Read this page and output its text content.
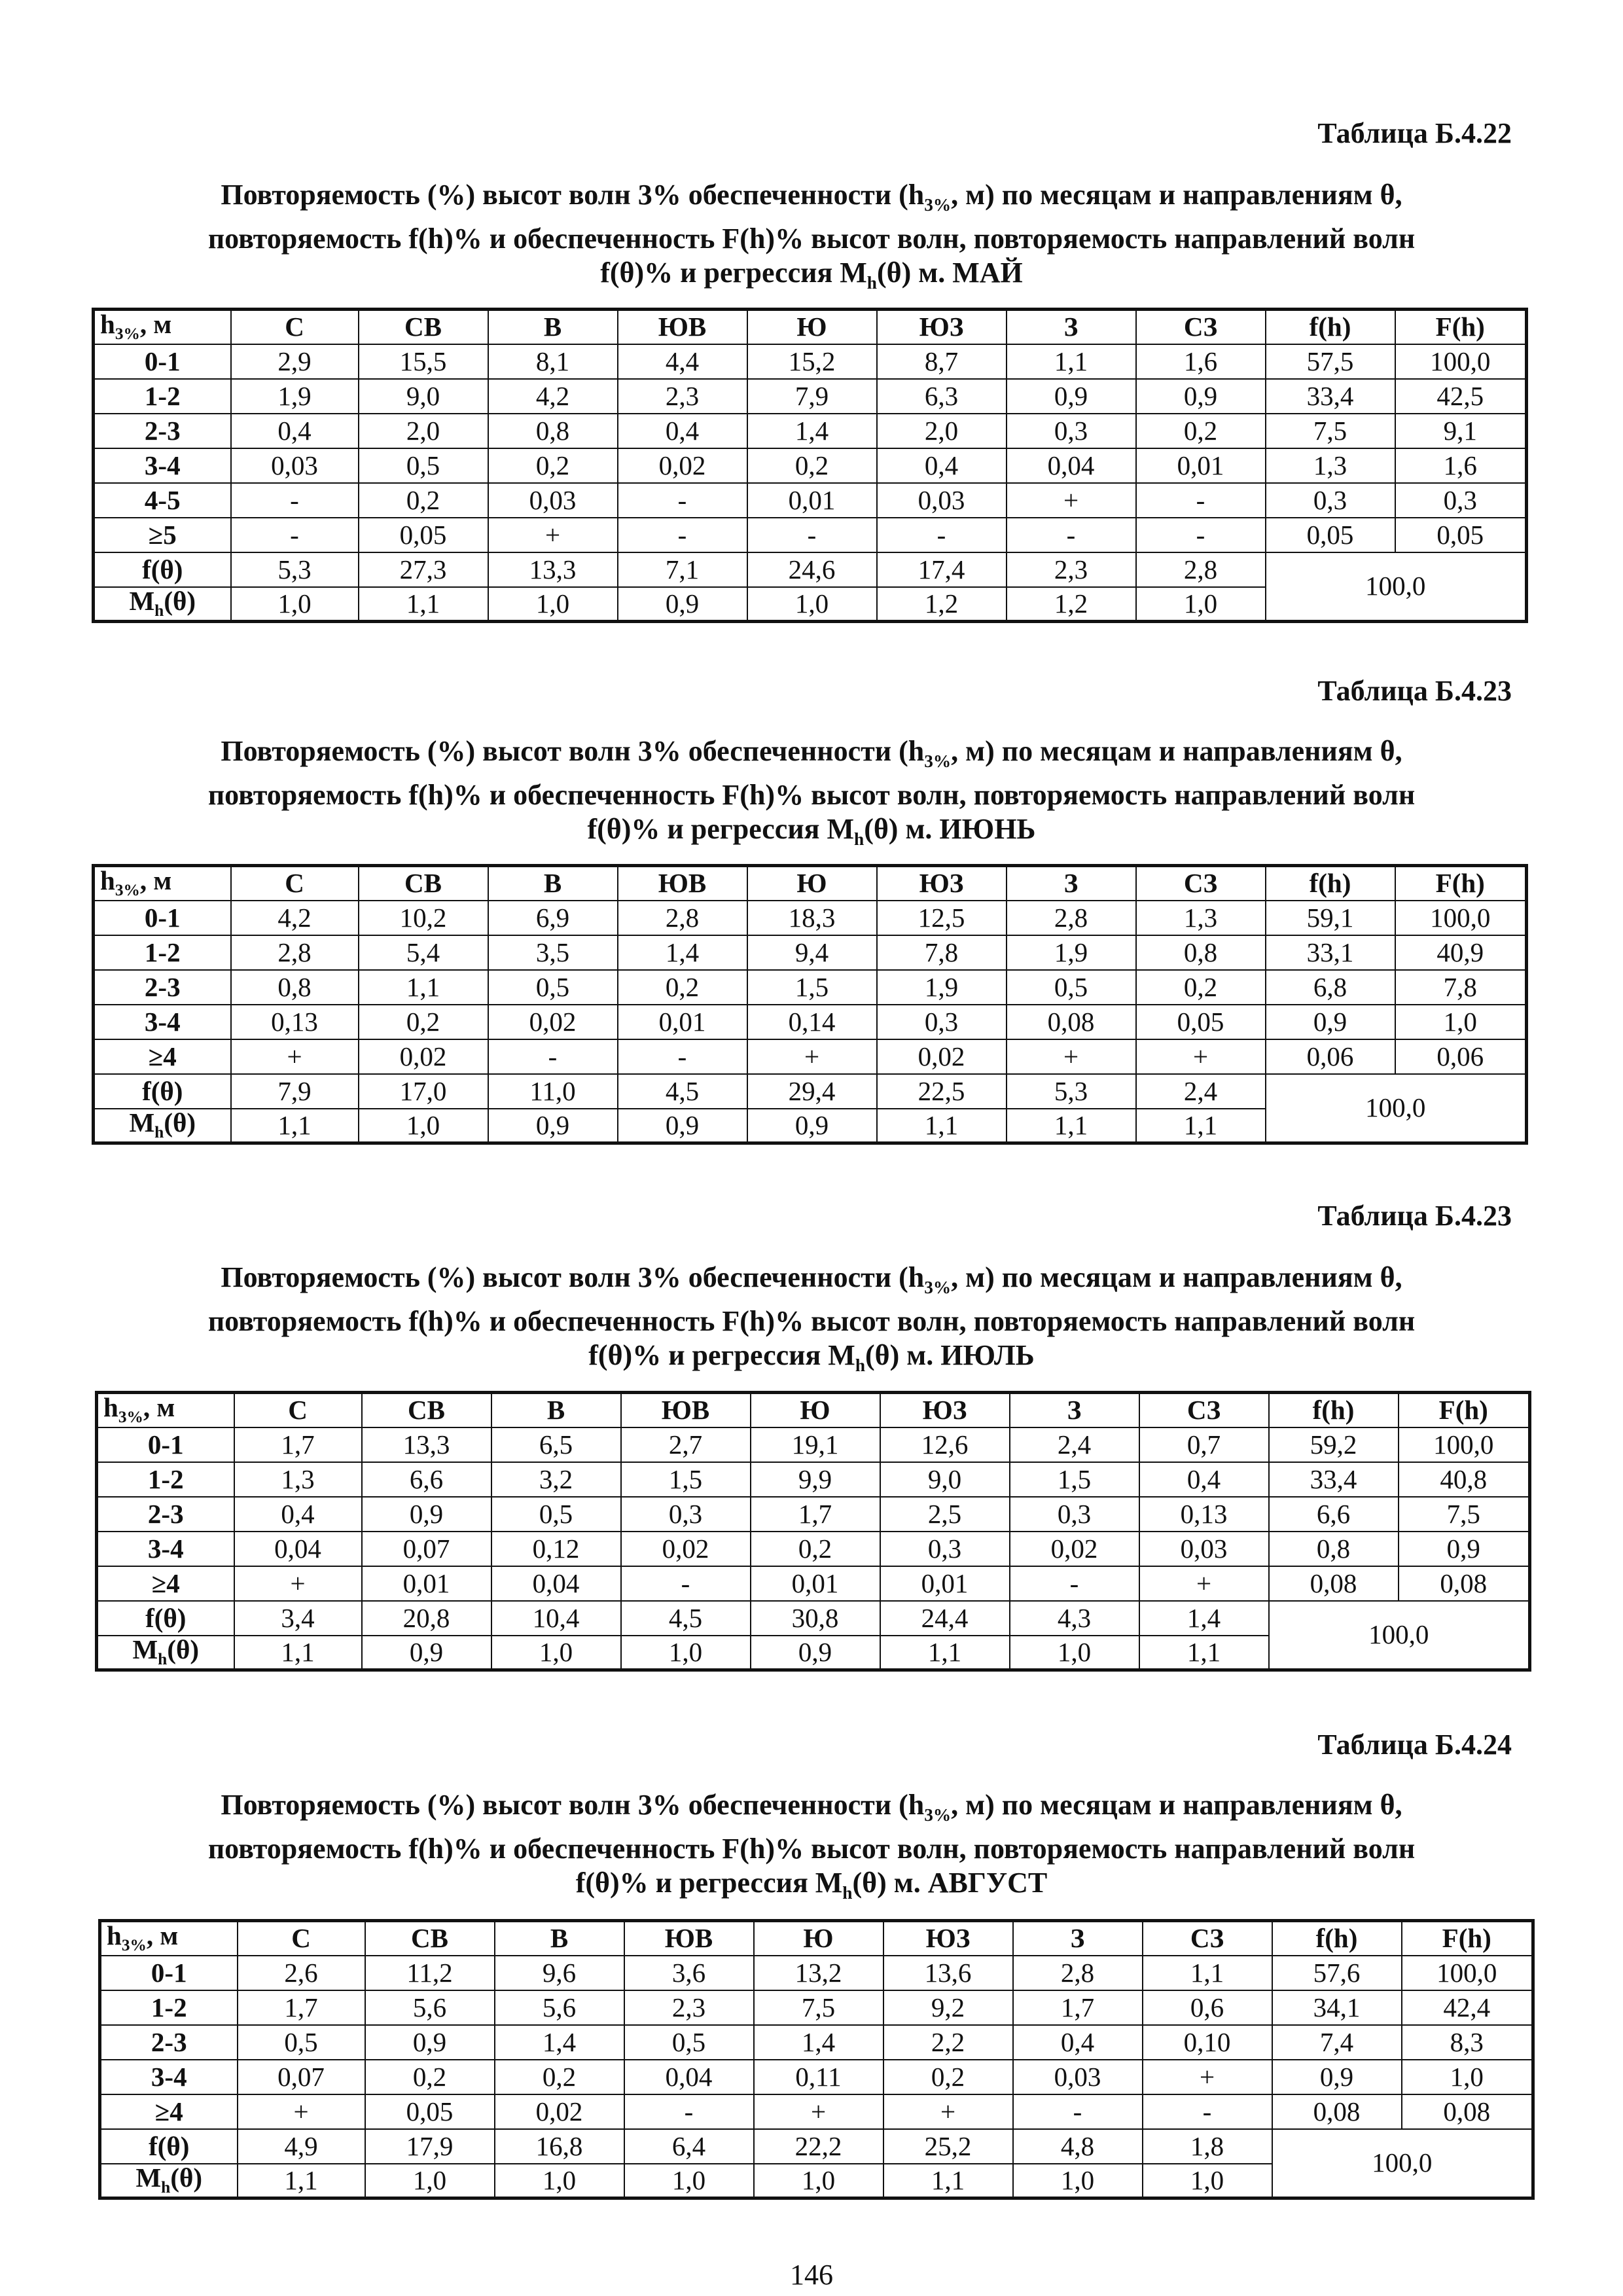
Таблица Б.4.22
Повторяемость (%) высот волн 3% обеспеченности ($h_{3\%}$, м) по месяцам и направлениям θ,
повторяемость f(h)% и обеспеченность F(h)% высот волн, повторяемость направлений волн
f(θ)% и регрессия $M_h(\theta)$ м. МАЙ
$h_{3\%}$, м	С	СВ	В	ЮВ	Ю	ЮЗ	З	СЗ	f(h)	F(h)
0-1	2,9	15,5	8,1	4,4	15,2	8,7	1,1	1,6	57,5	100,0
1-2	1,9	9,0	4,2	2,3	7,9	6,3	0,9	0,9	33,4	42,5
2-3	0,4	2,0	0,8	0,4	1,4	2,0	0,3	0,2	7,5	9,1
3-4	0,03	0,5	0,2	0,02	0,2	0,4	0,04	0,01	1,3	1,6
4-5	-	0,2	0,03	-	0,01	0,03	+	-	0,3	0,3
≥5	-	0,05	+	-	-	-	-	-	0,05	0,05
f(θ)	5,3	27,3	13,3	7,1	24,6	17,4	2,3	2,8	100,0	
$M_h(\theta)$	1,0	1,1	1,0	0,9	1,0	1,2	1,2	1,0		
Таблица Б.4.23
Повторяемость (%) высот волн 3% обеспеченности ($h_{3\%}$, м) по месяцам и направлениям θ,
повторяемость f(h)% и обеспеченность F(h)% высот волн, повторяемость направлений волн
f(θ)% и регрессия $M_h(\theta)$ м. ИЮНЬ
$h_{3\%}$, м	С	СВ	В	ЮВ	Ю	ЮЗ	З	СЗ	f(h)	F(h)
0-1	4,2	10,2	6,9	2,8	18,3	12,5	2,8	1,3	59,1	100,0
1-2	2,8	5,4	3,5	1,4	9,4	7,8	1,9	0,8	33,1	40,9
2-3	0,8	1,1	0,5	0,2	1,5	1,9	0,5	0,2	6,8	7,8
3-4	0,13	0,2	0,02	0,01	0,14	0,3	0,08	0,05	0,9	1,0
≥4	+	0,02	-	-	+	0,02	+	+	0,06	0,06
f(θ)	7,9	17,0	11,0	4,5	29,4	22,5	5,3	2,4	100,0	
$M_h(\theta)$	1,1	1,0	0,9	0,9	0,9	1,1	1,1	1,1		
Таблица Б.4.23
Повторяемость (%) высот волн 3% обеспеченности ($h_{3\%}$, м) по месяцам и направлениям θ,
повторяемость f(h)% и обеспеченность F(h)% высот волн, повторяемость направлений волн
f(θ)% и регрессия $M_h(\theta)$ м. ИЮЛЬ
$h_{3\%}$, м	С	СВ	В	ЮВ	Ю	ЮЗ	З	СЗ	f(h)	F(h)
0-1	1,7	13,3	6,5	2,7	19,1	12,6	2,4	0,7	59,2	100,0
1-2	1,3	6,6	3,2	1,5	9,9	9,0	1,5	0,4	33,4	40,8
2-3	0,4	0,9	0,5	0,3	1,7	2,5	0,3	0,13	6,6	7,5
3-4	0,04	0,07	0,12	0,02	0,2	0,3	0,02	0,03	0,8	0,9
≥4	+	0,01	0,04	-	0,01	0,01	-	+	0,08	0,08
f(θ)	3,4	20,8	10,4	4,5	30,8	24,4	4,3	1,4	100,0	
$M_h(\theta)$	1,1	0,9	1,0	1,0	0,9	1,1	1,0	1,1		
Таблица Б.4.24
Повторяемость (%) высот волн 3% обеспеченности ($h_{3\%}$, м) по месяцам и направлениям θ,
повторяемость f(h)% и обеспеченность F(h)% высот волн, повторяемость направлений волн
f(θ)% и регрессия $M_h(\theta)$ м. АВГУСТ
$h_{3\%}$, м	С	СВ	В	ЮВ	Ю	ЮЗ	З	СЗ	f(h)	F(h)
0-1	2,6	11,2	9,6	3,6	13,2	13,6	2,8	1,1	57,6	100,0
1-2	1,7	5,6	5,6	2,3	7,5	9,2	1,7	0,6	34,1	42,4
2-3	0,5	0,9	1,4	0,5	1,4	2,2	0,4	0,10	7,4	8,3
3-4	0,07	0,2	0,2	0,04	0,11	0,2	0,03	+	0,9	1,0
≥4	+	0,05	0,02	-	+	+	-	-	0,08	0,08
f(θ)	4,9	17,9	16,8	6,4	22,2	25,2	4,8	1,8	100,0	
$M_h(\theta)$	1,1	1,0	1,0	1,0	1,0	1,1	1,0	1,0		
146
